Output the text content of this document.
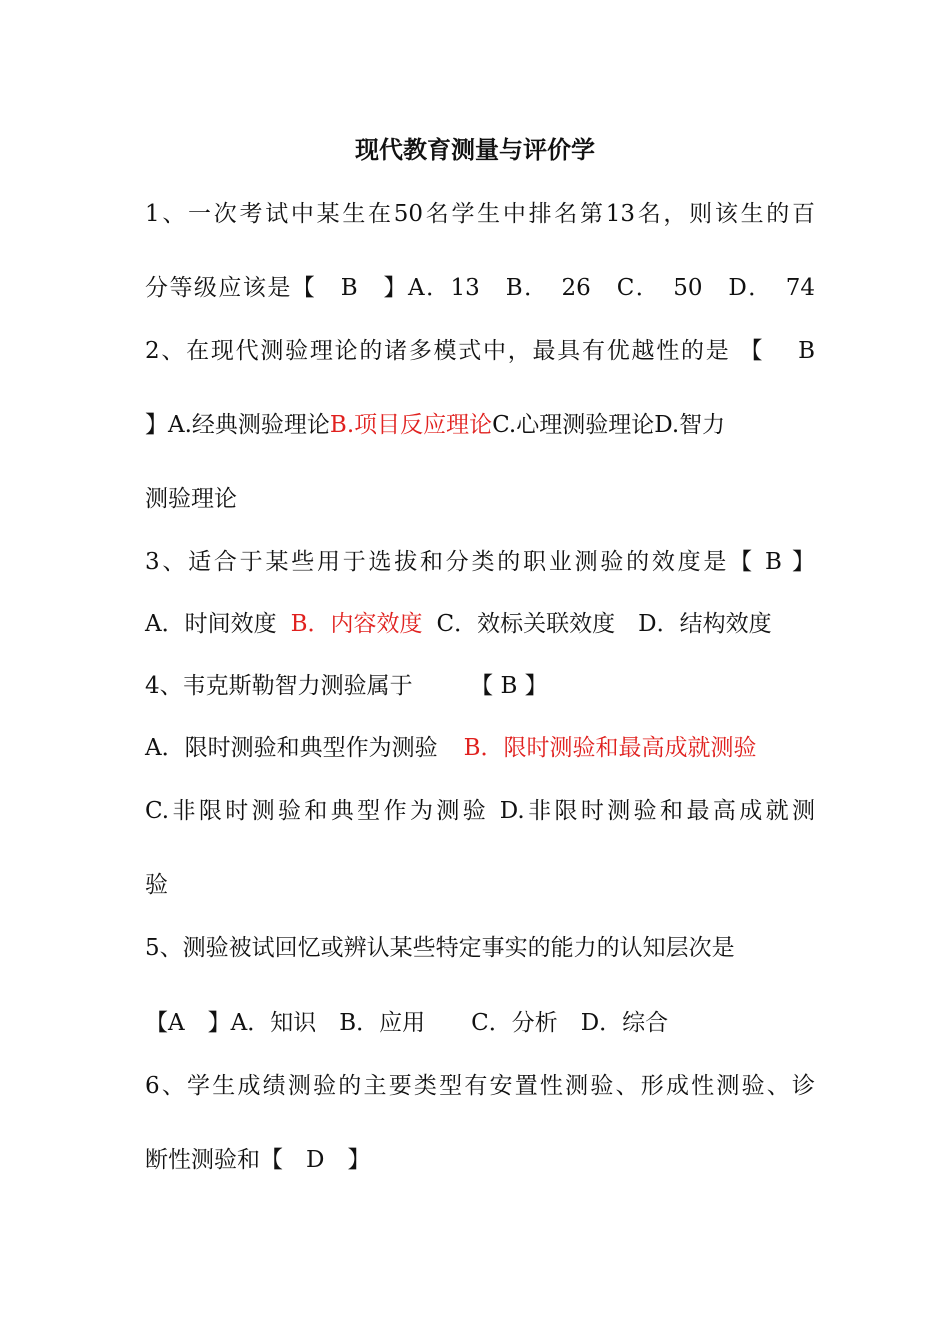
现代教育测量与评价学
1、一次考试中某生在50名学生中排名第13名，则该生的百
分等级应该是【　B　】A．13　B．　26　C．　50　D．　74
2、在现代测验理论的诸多模式中，最具有优越性的是 【　 B
】A.经典测验理论B.项目反应理论C.心理测验理论D.智力
测验理论
3、适合于某些用于选拔和分类的职业测验的效度是【 B 】
A．时间效度 B．内容效度 C．效标关联效度　D．结构效度
4、韦克斯勒智力测验属于　　　【 B 】
A．限时测验和典型作为测验 B．限时测验和最高成就测验
C.非限时测验和典型作为测验 D.非限时测验和最高成就测
验
5、测验被试回忆或辨认某些特定事实的能力的认知层次是
【A　】A．知识　B．应用　　C．分析　D．综合
6、学生成绩测验的主要类型有安置性测验、形成性测验、诊
断性测验和【　D　】
